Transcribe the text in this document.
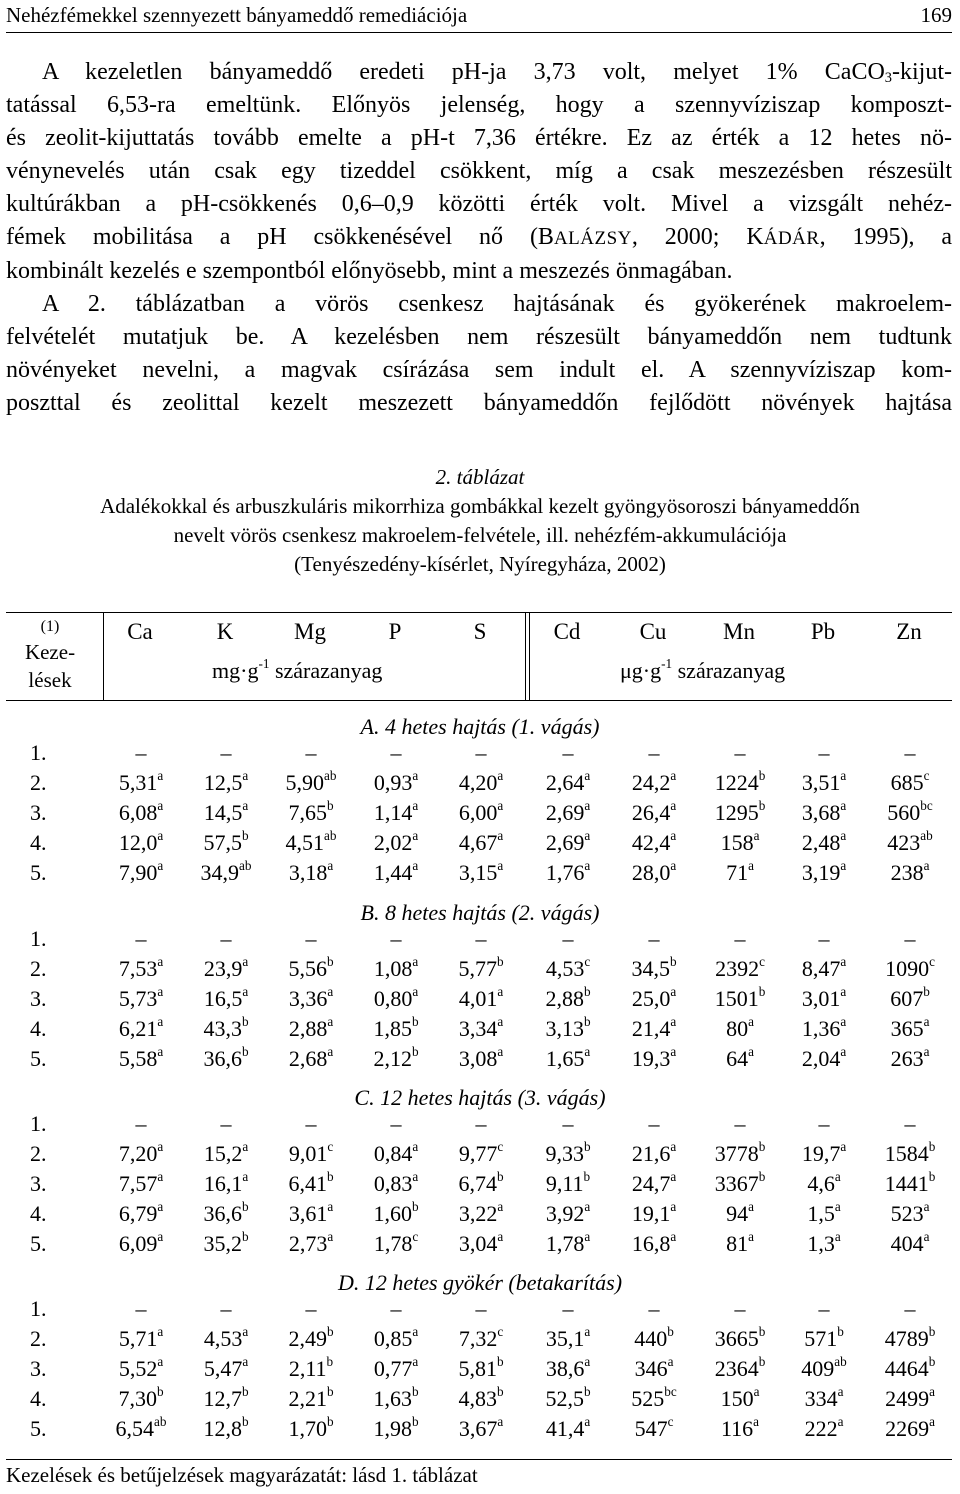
Nehézfémekkel szennyezett bányameddő remediációja	169

A kezeletlen bányameddő eredeti pH-ja 3,73 volt, melyet 1% CaCO$_3$-kijut-

tatással 6,53-ra emeltünk. Előnyös jelenség, hogy a szennyvíziszap komposzt-

és zeolit-kijuttatás tovább emelte a pH-t 7,36 értékre. Ez az érték a 12 hetes nö-

vénynevelés után csak egy tizeddel csökkent, míg a csak meszezésben részesült

kultúrákban a pH-csökkenés 0,6–0,9 közötti érték volt. Mivel a vizsgált nehéz-

fémek mobilitása a pH csökkenésével nő (BALÁZSY, 2000; KÁDÁR, 1995), a

kombinált kezelés e szempontból előnyösebb, mint a meszezés önmagában.

A 2. táblázatban a vörös csenkesz hajtásának és gyökerének makroelem-

felvételét mutatjuk be. A kezelésben nem részesült bányameddőn nem tudtunk

növényeket nevelni, a magvak csírázása sem indult el. A szennyvíziszap kom-

poszttal és zeolittal kezelt meszezett bányameddőn fejlődött növények hajtása

2. táblázat
Adalékokkal és arbuszkuláris mikorrhiza gombákkal kezelt gyöngyösoroszi bányameddőn
nevelt vörös csenkesz makroelem-felvétele, ill. nehézfém-akkumulációja
(Tenyészedény-kísérlet, Nyíregyháza, 2002)
(1)
Keze-
lések
Ca	K	Mg	P	S	Cd	Cu	Mn	Pb	Zn
$mg\cdot g^{-1}$ szárazanyag	$\mu g\cdot g^{-1}$ szárazanyag
A. 4 hetes hajtás (1. vágás)
1.	–	–	–	–	–	–	–	–	–	–
2.	5,31$^a$	12,5$^a$	5,90$^{ab}$	0,93$^a$	4,20$^a$	2,64$^a$	24,2$^a$	1224$^b$	3,51$^a$	685$^c$
3.	6,08$^a$	14,5$^a$	7,65$^b$	1,14$^a$	6,00$^a$	2,69$^a$	26,4$^a$	1295$^b$	3,68$^a$	$560^{bc}$
4.	12,0$^a$	57,5$^b$	4,51$^{ab}$	2,02$^a$	4,67$^a$	2,69$^a$	42,4$^a$	158$^a$	2,48$^a$	$423^{ab}$
5.	7,90$^a$	34,9$^{ab}$	3,18$^a$	1,44$^a$	3,15$^a$	1,76$^a$	28,0$^a$	71$^a$	3,19$^a$	238$^a$
B. 8 hetes hajtás (2. vágás)
1.	–	–	–	–	–	–	–	–	–	–
2.	7,53$^a$	23,9$^a$	5,56$^b$	1,08$^a$	5,77$^b$	4,53$^c$	34,5$^b$	2392$^c$	8,47$^a$	1090$^c$
3.	5,73$^a$	16,5$^a$	3,36$^a$	0,80$^a$	4,01$^a$	2,88$^b$	25,0$^a$	1501$^b$	3,01$^a$	607$^b$
4.	6,21$^a$	43,3$^b$	2,88$^a$	1,85$^b$	3,34$^a$	3,13$^b$	21,4$^a$	80$^a$	1,36$^a$	365$^a$
5.	5,58$^a$	36,6$^b$	2,68$^a$	2,12$^b$	3,08$^a$	1,65$^a$	19,3$^a$	64$^a$	2,04$^a$	263$^a$
C. 12 hetes hajtás (3. vágás)
1.	–	–	–	–	–	–	–	–	–	–
2.	7,20$^a$	15,2$^a$	9,01$^c$	0,84$^a$	9,77$^c$	9,33$^b$	21,6$^a$	3778$^b$	19,7$^a$	1584$^b$
3.	7,57$^a$	16,1$^a$	6,41$^b$	0,83$^a$	6,74$^b$	9,11$^b$	24,7$^a$	3367$^b$	4,6$^a$	1441$^b$
4.	6,79$^a$	36,6$^b$	3,61$^a$	1,60$^b$	3,22$^a$	3,92$^a$	19,1$^a$	94$^a$	1,5$^a$	523$^a$
5.	6,09$^a$	35,2$^b$	2,73$^a$	1,78$^c$	3,04$^a$	1,78$^a$	16,8$^a$	81$^a$	1,3$^a$	404$^a$
D. 12 hetes gyökér (betakarítás)
1.	–	–	–	–	–	–	–	–	–	–
2.	5,71$^a$	4,53$^a$	2,49$^b$	0,85$^a$	7,32$^c$	35,1$^a$	440$^b$	3665$^b$	571$^b$	4789$^b$
3.	5,52$^a$	5,47$^a$	2,11$^b$	0,77$^a$	5,81$^b$	38,6$^a$	346$^a$	2364$^b$	$409^{ab}$	4464$^b$
4.	7,30$^b$	12,7$^b$	2,21$^b$	1,63$^b$	4,83$^b$	52,5$^b$	$525^{bc}$	150$^a$	334$^a$	2499$^a$
5.	6,54$^{ab}$	12,8$^b$	1,70$^b$	1,98$^b$	3,67$^a$	41,4$^a$	547$^c$	116$^a$	222$^a$	2269$^a$
Kezelések és betűjelzések magyarázatát: lásd 1. táblázat
